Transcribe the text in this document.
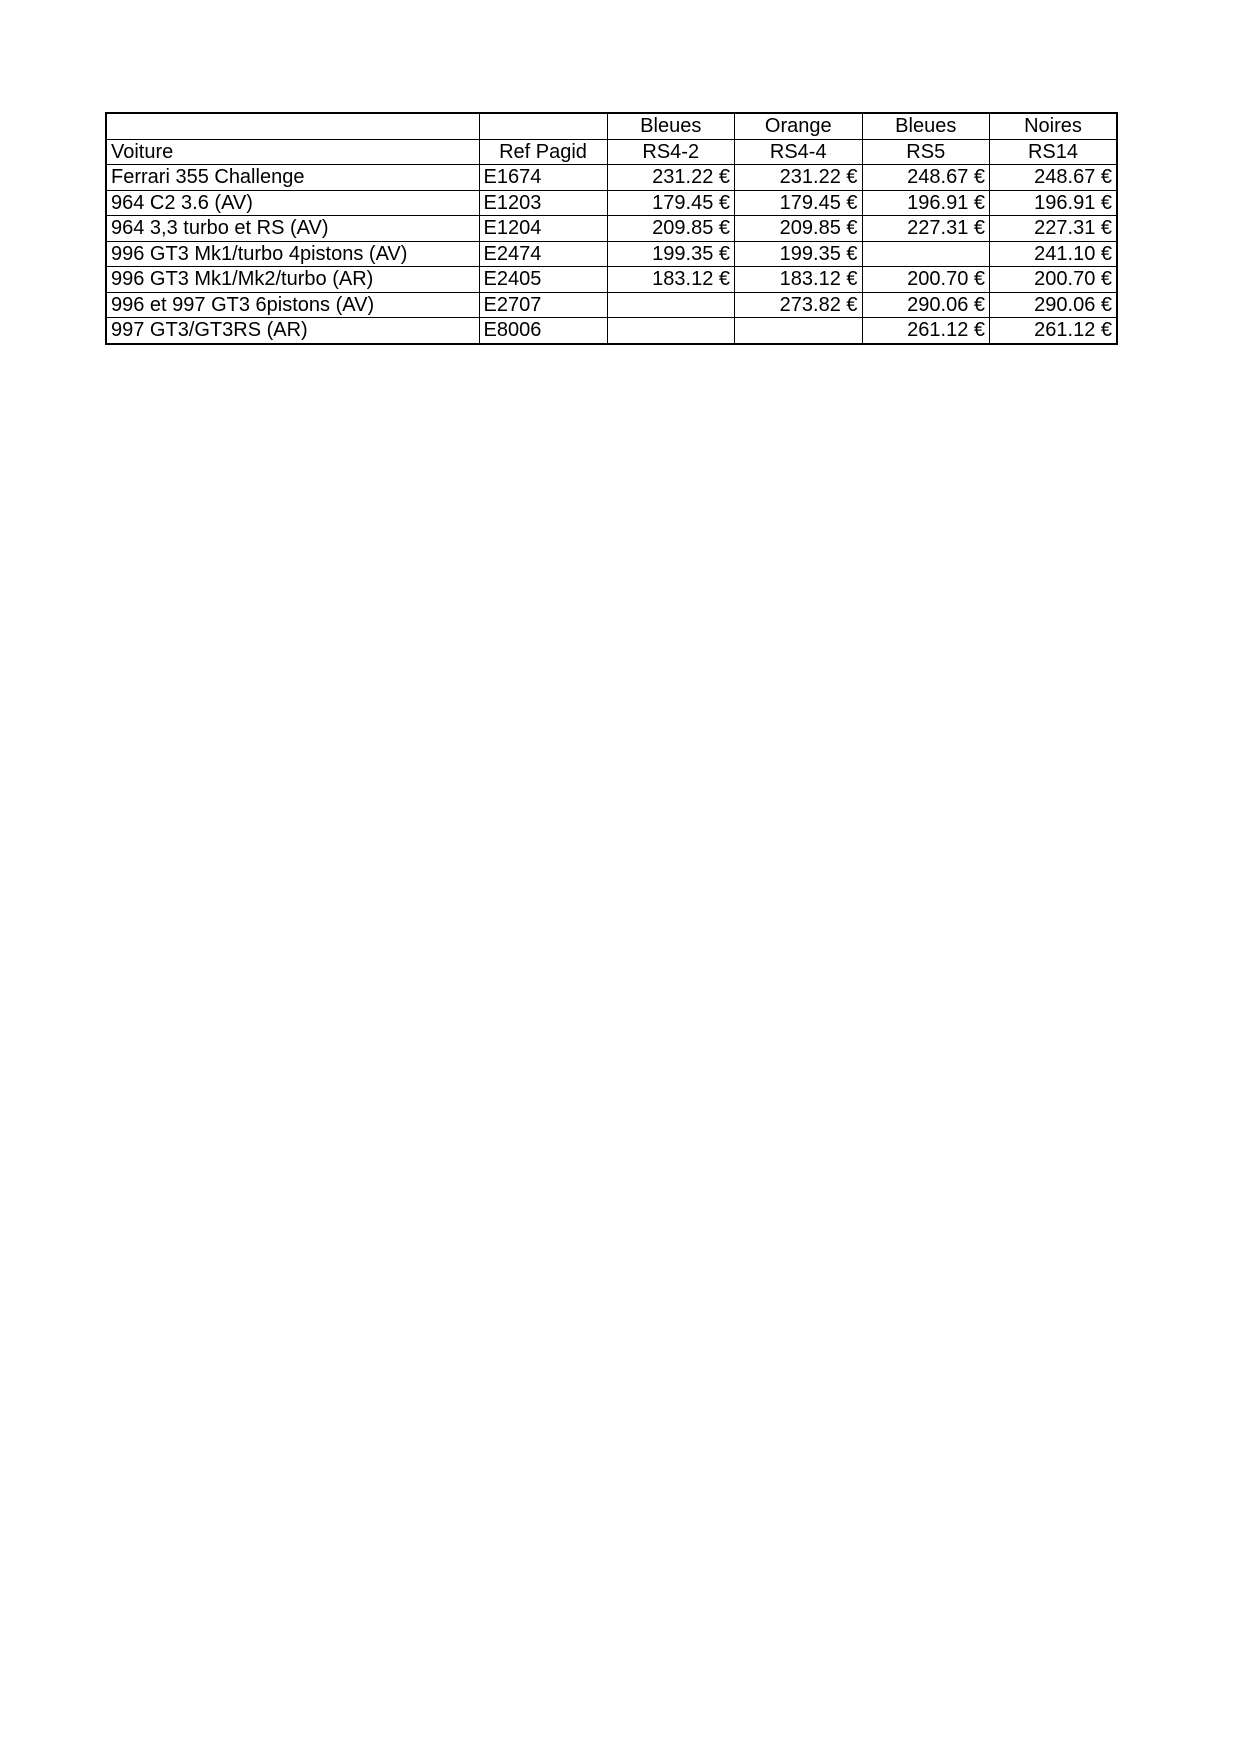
		Bleues	Orange	Bleues	Noires
Voiture	Ref Pagid	RS4-2	RS4-4	RS5	RS14
Ferrari 355 Challenge	E1674	231.22 €	231.22 €	248.67 €	248.67 €
964 C2 3.6 (AV)	E1203	179.45 €	179.45 €	196.91 €	196.91 €
964 3,3 turbo et RS (AV)	E1204	209.85 €	209.85 €	227.31 €	227.31 €
996 GT3 Mk1/turbo 4pistons (AV)	E2474	199.35 €	199.35 €		241.10 €
996 GT3 Mk1/Mk2/turbo (AR)	E2405	183.12 €	183.12 €	200.70 €	200.70 €
996 et 997 GT3 6pistons (AV)	E2707		273.82 €	290.06 €	290.06 €
997 GT3/GT3RS (AR)	E8006			261.12 €	261.12 €
